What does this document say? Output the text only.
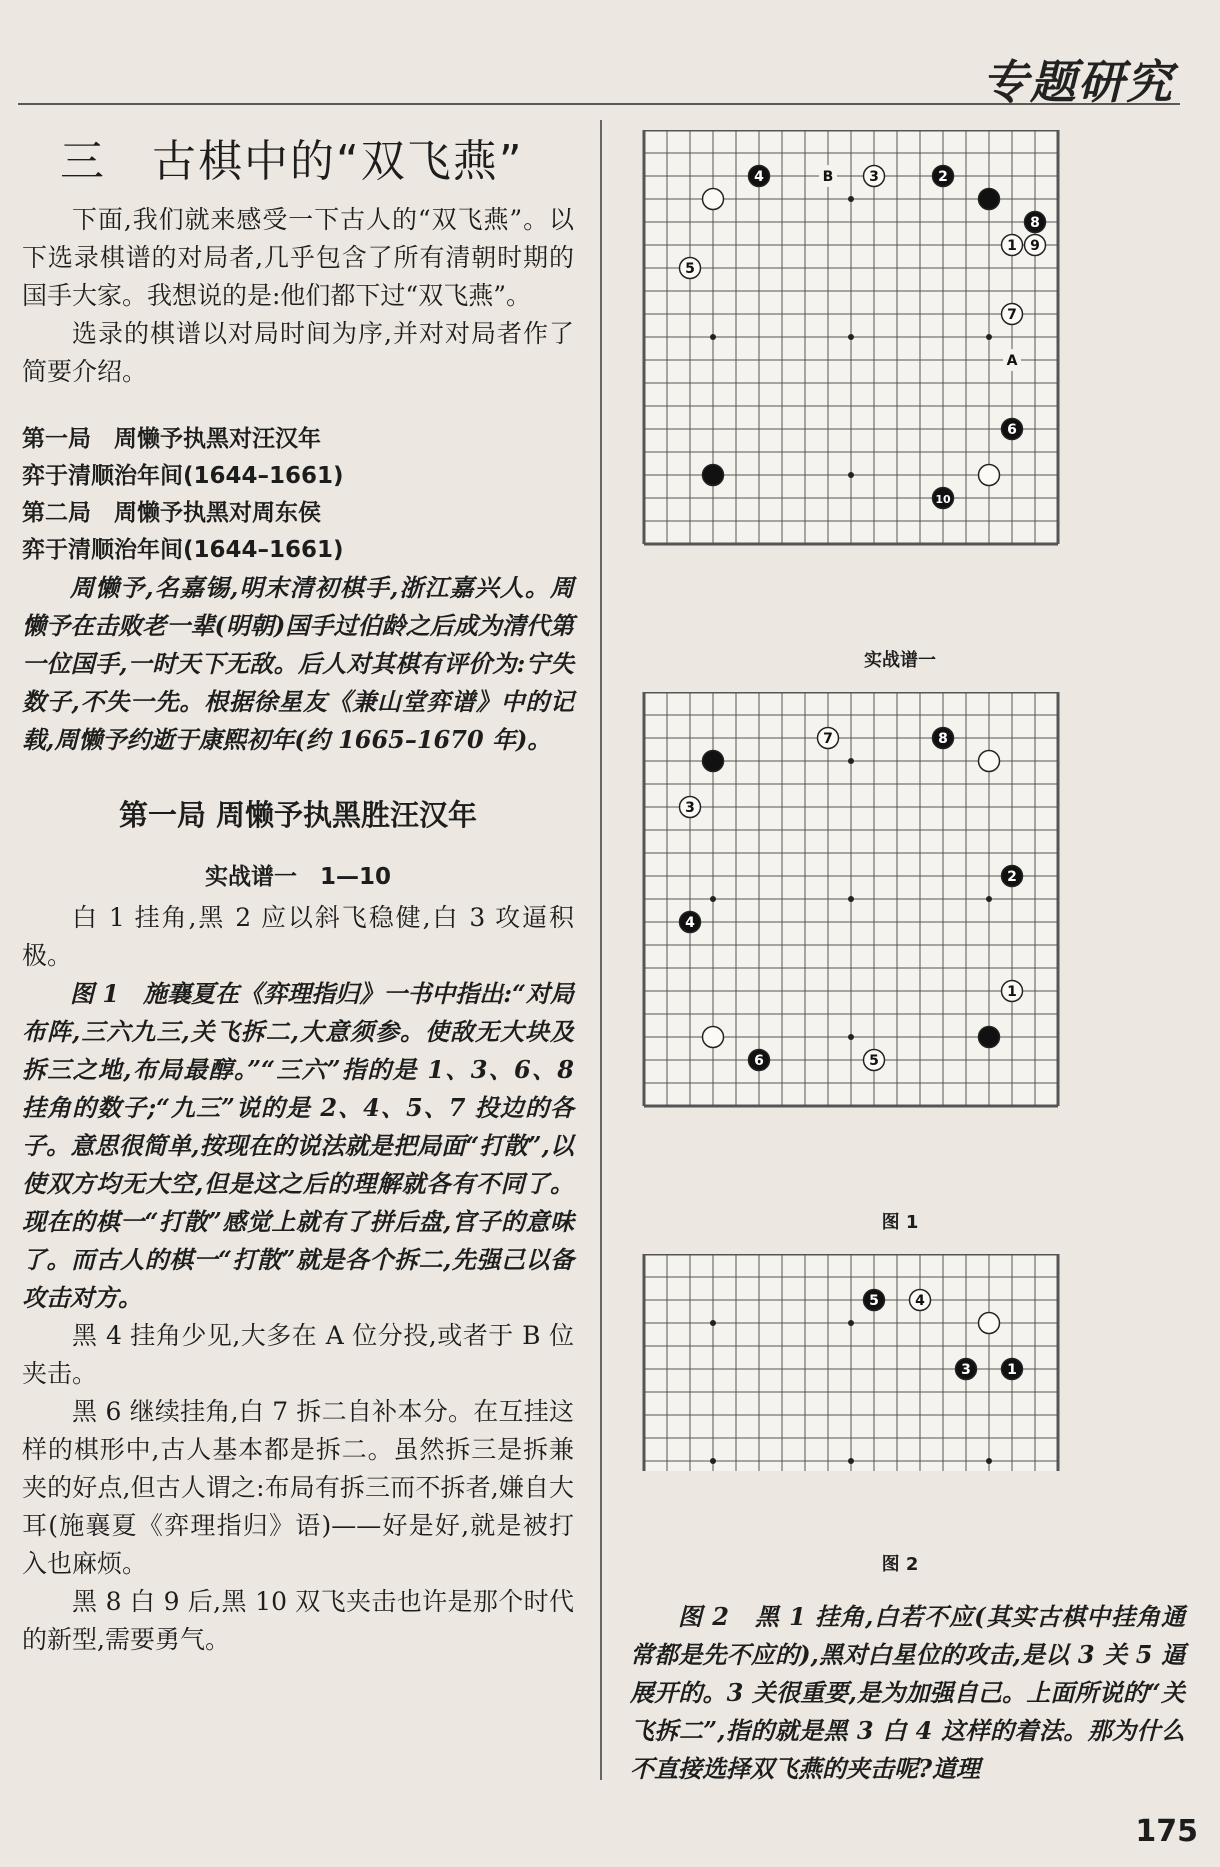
专题研究
三　古棋中的“双飞燕”

下面,我们就来感受一下古人的“双飞燕”。以下选录棋谱的对局者,几乎包含了所有清朝时期的国手大家。我想说的是:他们都下过“双飞燕”。

选录的棋谱以对局时间为序,并对对局者作了简要介绍。

第一局　周懒予执黑对汪汉年
弈于清顺治年间(1644–1661)
第二局　周懒予执黑对周东侯
弈于清顺治年间(1644–1661)

周懒予,名嘉锡,明末清初棋手,浙江嘉兴人。周懒予在击败老一辈(明朝)国手过伯龄之后成为清代第一位国手,一时天下无敌。后人对其棋有评价为:宁失数子,不失一先。根据徐星友《兼山堂弈谱》中的记载,周懒予约逝于康熙初年(约 1665–1670 年)。

第一局 周懒予执黑胜汪汉年
实战谱一　1—10

白 1 挂角,黑 2 应以斜飞稳健,白 3 攻逼积极。

图 1　施襄夏在《弈理指归》一书中指出:“对局布阵,三六九三,关飞拆二,大意须参。使敌无大块及拆三之地,布局最醇。”“三六”指的是 1、3、6、8 挂角的数子;“九三”说的是 2、4、5、7 投边的各子。意思很简单,按现在的说法就是把局面“打散”,以使双方均无大空,但是这之后的理解就各有不同了。现在的棋一“打散”感觉上就有了拼后盘,官子的意味了。而古人的棋一“打散”就是各个拆二,先强己以备攻击对方。

黑 4 挂角少见,大多在 A 位分投,或者于 B 位夹击。

黑 6 继续挂角,白 7 拆二自补本分。在互挂这样的棋形中,古人基本都是拆二。虽然拆三是拆兼夹的好点,但古人谓之:布局有拆三而不拆者,嫌自大耳(施襄夏《弈理指归》语)——好是好,就是被打入也麻烦。

黑 8 白 9 后,黑 10 双飞夹击也许是那个时代的新型,需要勇气。

4	B	3	2
8
1 9
5
7
A
6
10
实战谱一
7	8
3
2
4
1
6	5
图 1
5	4
3	1
图 2

图 2　黑 1 挂角,白若不应(其实古棋中挂角通常都是先不应的),黑对白星位的攻击,是以 3 关 5 逼展开的。3 关很重要,是为加强自己。上面所说的“关飞拆二”,指的就是黑 3 白 4 这样的着法。那为什么不直接选择双飞燕的夹击呢?道理

175
